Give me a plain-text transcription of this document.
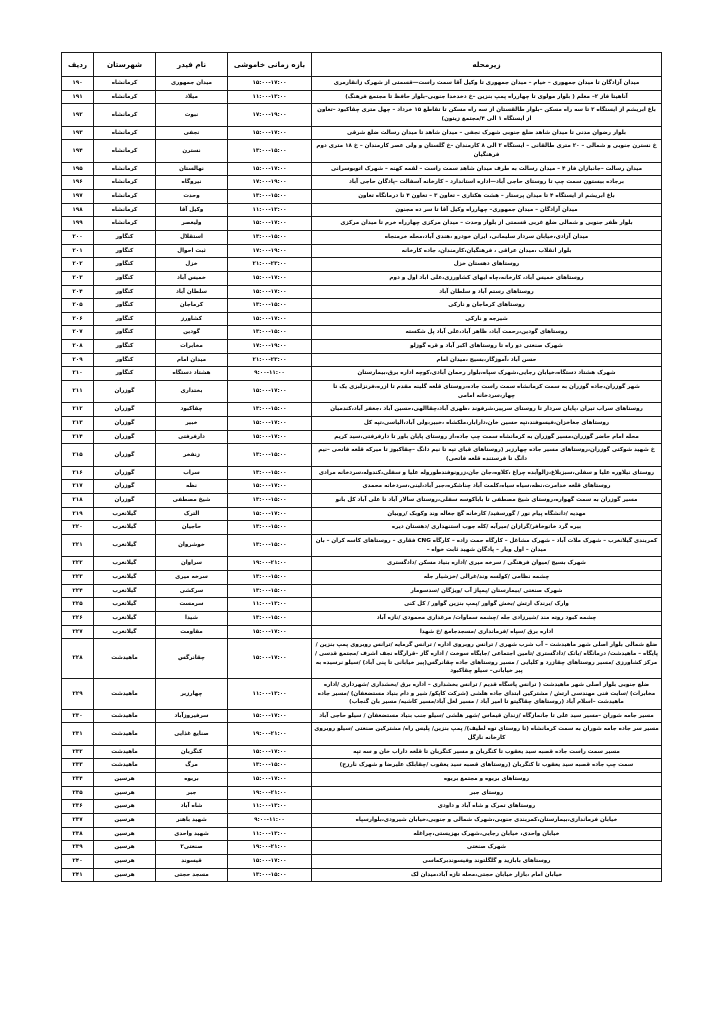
زیرمحله	بازه زمانی خاموشی	نام فیدر	شهرستان	ردیف
میدان آزادگان تا میدان جمهوری – خیام – میدان جمهوری تا وکیل آقا سمت راست—قسمتی از شهرک زانقارمری	۱۵:۰۰-۱۷:۰۰	میدان جمهوری	کرمانشاه	۱۹۰
آناهیتا فاز ۲– معلم ( بلوار مولوی تا چهارراه پمپ بنزین –خ دخدخدا جنوبی–بلوار حافظ تا مجتمع فرهنگ)	۱۱:۰۰-۱۳:۰۰	میلاد	کرمانشاه	۱۹۱
باغ ابریشم از ایستگاه ۲ تا سه راه مسکن –بلوار طالقستان از سه راه مسکن تا تقاطع ۱۵ خرداد – چهل متری چقاکبود –تعاون از ایستگاه ۱ الی ۴/مجتمع زیتون)	۱۷:۰۰-۱۹:۰۰	نبوت	کرمانشاه	۱۹۲
بلوار رضوان مدنی تا میدان شاهد ضلع جنوبی شهرک نجفی – میدان شاهد تا میدان رسالت ضلع شرقی	۱۵:۰۰-۱۷:۰۰	نجفی	کرمانشاه	۱۹۳
خ نسترن جنوبی و شمالی – ۲۰ متری طالقانی – ایستگاه ۲ الی ۸ کارمندان –خ گلستان و ولی عصر کارمندان – خ ۱۸ متری دوم فرهنگیان	۱۳:۰۰-۱۵:۰۰	نسترن	کرمانشاه	۱۹۴
میدان رسالت –جانبازان فاز ۴ – میدان رسالت به طرف میدان شاهد سمت راست – لقمه کهنه – شهرک اتوبوسرانی	۱۵:۰۰-۱۷:۰۰	نهالستان	کرمانشاه	۱۹۵
برجاده بیستون سمت چپ تا روستای حاجی آباد—اداره استاندارد – کارخانه آسفالت –پادگان حاجی آباد	۱۷:۰۰-۱۹:۰۰	نیروگاه	کرمانشاه	۱۹۶
باغ ابریشم از ایستگاه ۴ تا میدان پرستار – هشت هکتاری – تعاون ۳ – تعاون ۴ تا درمانگاه تعاون	۱۳:۰۰-۱۵:۰۰	وحدت	کرمانشاه	۱۹۷
میدان آزادگان – میدان جمهوری– چهارراه وکیل آقا تا سر ده مجنون	۱۱:۰۰-۱۳:۰۰	وکیل آقا	کرمانشاه	۱۹۸
بلوار ظفر جنوبی و شمالی ضلع غربی قسمتی از بلوار وحدت – میدان مرکزی چهارراه خرم تا میدان مرکزی	۱۵:۰۰-۱۷:۰۰	ولیعصر	کرمانشاه	۱۹۹
میدان آزادی،خیابان سردار سلیمانی، ایران خودرو ،هندی آباد،محله خرمنجاه	۱۳:۰۰-۱۵:۰۰	استقلال	کنگاور	۲۰۰
بلوار انقلاب ،میدان عراقی ، فرهنگیان،کارمندان، جاده کارخانه	۱۷:۰۰-۱۹:۰۰	ثبت احوال	کنگاور	۲۰۱
روستاهای دهستان خزل	۲۱:۰۰-۲۳:۰۰	خزل	کنگاور	۲۰۲
روستاهای خمیس آباد، کارخانه،چاه ابهای کشاورزی،علی اباد اول و دوم	۱۵:۰۰-۱۷:۰۰	خمیس آباد	کنگاور	۲۰۳
روستاهای رستم آباد و سلطان آباد	۱۵:۰۰-۱۷:۰۰	سلطان آباد	کنگاور	۲۰۴
روستاهای کرماجان و نارکی	۱۳:۰۰-۱۵:۰۰	کرماجان	کنگاور	۲۰۵
شیرجه و نارکی	۱۵:۰۰-۱۷:۰۰	کشاورز	کنگاور	۲۰۶
روستاهای گودین،رحمت آباد، ظاهر آباد،علی آباد پل شکسته	۱۳:۰۰-۱۵:۰۰	گودین	کنگاور	۲۰۷
شهرک صنعتی دو راه تا روستاهای اکبر آباد و قره گوزلو	۱۷:۰۰-۱۹:۰۰	مخابرات	کنگاور	۲۰۸
حسن آباد ،آموزگار،بسیج ،میدان امام	۲۱:۰۰-۲۳:۰۰	میدان امام	کنگاور	۲۰۹
شهرک هشتاد دستگاه،خیابان رجایی،شهرک سپاه،بلوار رحمان آبادی،کوچه اداره برق،بیمارستان	۹:۰۰-۱۱:۰۰	هشتاد دستگاه	کنگاور	۲۱۰
شهر گوزران،جاده گوزران به سمت کرمانشاه سمت راست جاده،روستای قلعه گلینه مقدم تا ازره،فرنزلبزی یک تا چهار،سردخانه امامی	۱۵:۰۰-۱۷:۰۰	بختداری	گوزران	۲۱۱
روستاهای سراب تیران ،پایان سردار تا روستای سرپیر،شرفوند ،ظهری آباد،چقاالهی،حسین آباد ،جعفر آباد،کندمیان	۱۳:۰۰-۱۵:۰۰	چقاکبود	گوزران	۲۱۲
روستاهای جغاخزان،فیسوفند،تپه حسین خان،دارابار،ملکشاه ،خبیر،ولی آباد،الیاسی،تپه کل	۱۵:۰۰-۱۷:۰۰	خبیر	گوزران	۲۱۳
محله امام حاضر گوزران،مسیر گوزران به کرمانشاه سمت چپ جاده،از روستای پایان باور تا دارفرفتی،سید کریم	۱۵:۰۰-۱۷:۰۰	دارفرفتی	گوزران	۲۱۴
خ شهید شوکتی گوزران،روستاهای مسیر جاده چهارزبر (روستاهای قبای تپه تا نیم دانگ –چقاکبوز تا میرکه قلعه فاتحی –نیم دانگ تا فرستنده قلعه فاتحی)	۱۳:۰۰-۱۵:۰۰	زنفخر	گوزران	۲۱۵
روستای نیلاوره علیا و سفلی،سبزبلاغ،زالوآبده چراغ ،کلاوه،جان جان،زرونوفندطوروله علیا و سفلی،کندوله،سردخانه مرادی	۱۳:۰۰-۱۵:۰۰	سراب	گوزران	۲۱۶
روستاهای قلعه خدامرت،نظه،سیاه سیاه،کلمت آباد چناشکره،جبر آباد،لینی،سردخانه محمدی	۱۵:۰۰-۱۷:۰۰	نظه	گوزران	۲۱۷
مسیر گوزران به سمت گهواره،روستای شیخ مصطفی تا باباکوسه سفلی،روستای سالار آباد تا علی آباد کل بانو	۱۳:۰۰-۱۵:۰۰	شیخ مصطفی	گوزران	۲۱۸
مهدیه /دانشگاه پیام نور / گورسفید/ کارخانه گچ جغاله وند وکوبک /روبیان	۱۵:۰۰-۱۷:۰۰	الترک	گیلانغرب	۲۱۹
بیره گرد خانوخافر/گرازان /میرآبه /کله جوب استنهداری /دهستان دیره	۱۳:۰۰-۱۵:۰۰	حاجیان	گیلانغرب	۲۲۰
کمربندی گیلانغرب – شهرک ملات آباد – شهرک مشاغل – کارگاه حمت زاده – کارگاه CNG فقاری – روستاهای کاسه کران – بان میدان – اول ویار – پادگان شهید ثابت خواه –	۱۳:۰۰-۱۵:۰۰	خوشروان	گیلانغرب	۲۲۱
شهرک بسیج /میوان فرهنگی / سرخه میری /اداره بنیاد مسکن /دادگستری	۱۹:۰۰-۲۱:۰۰	سراوان	گیلانغرب	۲۲۲
چشمه نظامی /کولسه وند/غرالی /خزشیار جله	۱۳:۰۰-۱۵:۰۰	سرخه میری	گیلانغرب	۲۲۳
شهرک صنعتی /بیمارستان /پمپاژ آب /ویژگان /سدسومار	۱۳:۰۰-۱۵:۰۰	سرکشی	گیلانغرب	۲۲۴
وارک /برندک ارتش /بخش گواور /پمپ بنزین گواور / کل کنی	۱۱:۰۰-۱۳:۰۰	سرمست	گیلانغرب	۲۲۵
چشمه کبود روته مند /شیرزادی جله /چشمه سماوات/ مرغداری محمودی /نازه آباد	۱۳:۰۰-۱۵:۰۰	شیدا	گیلانغرب	۲۲۶
اداره برق /سپاه /فرمانداری /مسجدجامع /خ شهدا	۱۵:۰۰-۱۷:۰۰	مقاومت	گیلانغرب	۲۲۷
ضلع شمالی بلوار اصلی شهر ماهیدشت – آب شرب شهری / ترانس روبروی اداره / ترانس گرمایه /ترانس روبروی پمپ بنزین /پایگاه – ماهیدشت/ درمانگاه /بانک /دادگستری /تامین اجتماعی /جایگاه سوخت / اداره گاز –قرارگاه نجف اشرف /مجتمع قدسی /مرکز کشاورزی /مسیر روستاهای چقازرد و کلیایی / مسیر روستاهای جاده چقانرگس(پیر خیابانی تا پنی آباد) /سیلو نرسیده به پیر خیابانی– سیلو چقاکبود	۱۵:۰۰-۱۷:۰۰	چقانرگس	ماهیدشت	۲۲۸
ضلع جنوبی بلوار اصلی شهر ماهیدشت ( ترانس پاسگاه قدیم / ترانس بخشداری – اداره برق /بخشداری /شهرداری /اداره مخابرات) /سایت فنی مهندسی ارتش / مشترکین ابتدای جاده هلشی (شرکت کاپکو/ شیر و دام بنیاد مستضعفان) /مسیر جاده ماهیدشت –اسلام آباد (روستاهای چقاگیتو تا امیر آباد / مسیر لعل آباد/مسیر کاشیه/ مسیر بان گنجاب)	۱۱:۰۰-۱۳:۰۰	چهارزبر	ماهیدشت	۲۲۹
مسیر جامه شوران –مسیر سید علی تا جانمازگاه /زندان قیماس /شهر هلشی /سیلو جنب بنیاد مستضعفان / سیلو حاجی آباد	۱۵:۰۰-۱۷:۰۰	سرفیروزآباد	ماهیدشت	۲۳۰
مسیر سر جاده جامه شوران به سمت کرمانشاه (تا روستای توه لطیف)/ پمپ بنزین/ پلیس راه/ مشترکین صنعتی /سیلو روبروی کارخانه نازگل	۱۹:۰۰-۲۱:۰۰	صنایع غذایی	ماهیدشت	۲۳۱
مسیر سمت راست جاده قصبه سید یعقوب تا کنگربان و مسیر کنگربان تا قلعه داراب خان و سه تپه	۱۵:۰۰-۱۷:۰۰	کنگربان	ماهیدشت	۲۳۲
سمت چپ جاده قصبه سید یعقوب تا کنگربان (روستاهای قصبه سید یعقوب /چقابلک علیرضا و شهرک نارزج)	۱۳:۰۰-۱۵:۰۰	مرگ	ماهیدشت	۲۳۳
روستاهای بربوه و مجتمع بربوه	۱۵:۰۰-۱۷:۰۰	بربوه	هرسین	۲۳۴
روستای جبر	۱۹:۰۰-۲۱:۰۰	جبر	هرسین	۲۳۵
روستاهای تمرک و شاه آباد و داودی	۱۱:۰۰-۱۳:۰۰	شاه آباد	هرسین	۲۳۶
خیابان فرمانداری،بیمارستان،کمربندی جنوبی،شهرک شمالی و جنوبی،خیابان شیرودی،بلوارسپاه	۹:۰۰-۱۱:۰۰	شهید باهنر	هرسین	۲۳۷
خیابان واحدی، خیابان رجایی،شهرک بهزیستی،چراغله	۱۱:۰۰-۱۳:۰۰	شهید واحدی	هرسین	۲۳۸
شهرک صنعتی	۱۹:۰۰-۲۱:۰۰	صنعتی۲	هرسین	۲۳۹
روستاهای بابازید و گلگلتوند وفیسوندبرکماسی	۱۵:۰۰-۱۷:۰۰	قیسوند	هرسین	۲۴۰
خیابان امام ،بازار خیابان حجتی،محله تازه آباد،میدان لک	۱۳:۰۰-۱۵:۰۰	مسجد حجتی	هرسین	۲۴۱
